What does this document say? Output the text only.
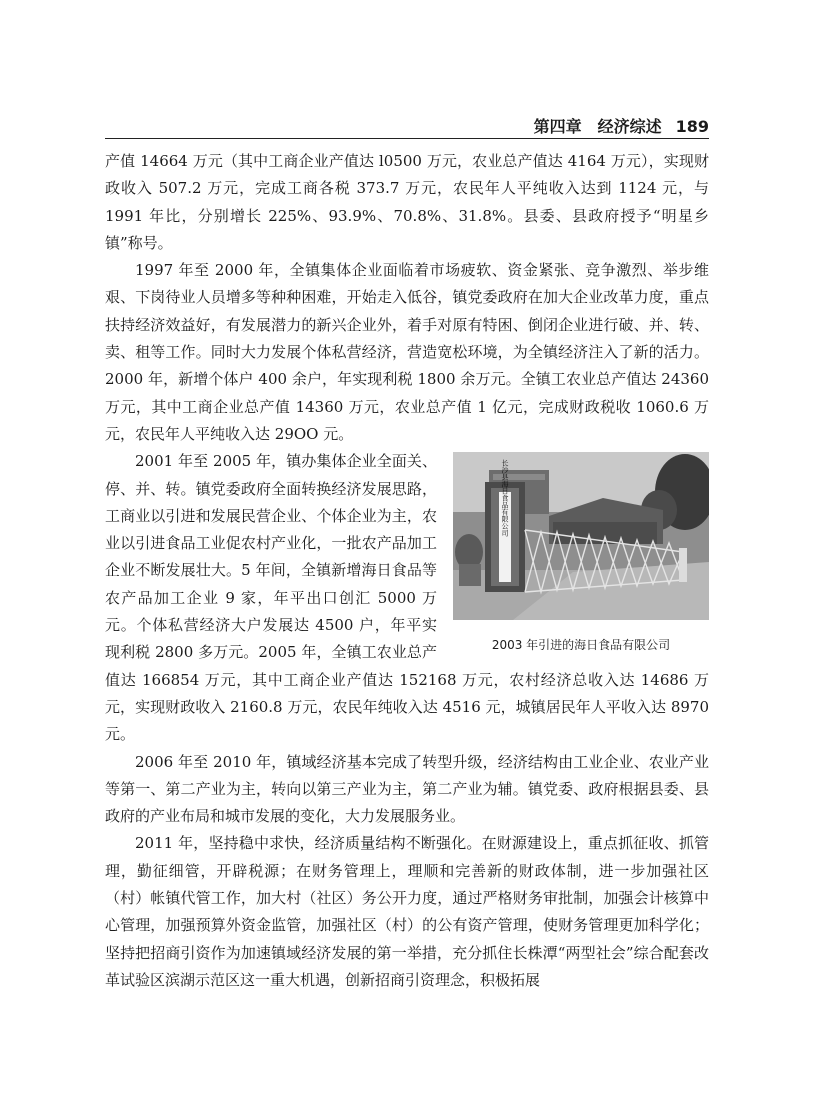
第四章　经济综述 189

产值 14664 万元（其中工商企业产值达 l0500 万元，农业总产值达 4164 万元），实现财政收入 507.2 万元，完成工商各税 373.7 万元，农民年人平纯收入达到 1124 元，与 1991 年比，分别增长 225%、93.9%、70.8%、31.8%。县委、县政府授予“明星乡镇”称号。

1997 年至 2000 年，全镇集体企业面临着市场疲软、资金紧张、竞争激烈、举步维艰、下岗待业人员增多等种种困难，开始走入低谷，镇党委政府在加大企业改革力度，重点扶持经济效益好，有发展潜力的新兴企业外，着手对原有特困、倒闭企业进行破、并、转、卖、租等工作。同时大力发展个体私营经济，营造宽松环境，为全镇经济注入了新的活力。2000 年，新增个体户 400 余户，年实现利税 1800 余万元。全镇工农业总产值达 24360 万元，其中工商企业总产值 14360 万元，农业总产值 1 亿元，完成财政税收 1060.6 万元，农民年人平纯收入达 29OO 元。

长沙县海日食品有限公司
2003 年引进的海日食品有限公司

2001 年至 2005 年，镇办集体企业全面关、停、并、转。镇党委政府全面转换经济发展思路，工商业以引进和发展民营企业、个体企业为主，农业以引进食品工业促农村产业化，一批农产品加工企业不断发展壮大。5 年间，全镇新增海日食品等农产品加工企业 9 家，年平出口创汇 5000 万元。个体私营经济大户发展达 4500 户，年平实现利税 2800 多万元。2005 年，全镇工农业总产值达 166854 万元，其中工商企业产值达 152168 万元，农村经济总收入达 14686 万元，实现财政收入 2160.8 万元，农民年纯收入达 4516 元，城镇居民年人平收入达 8970 元。

2006 年至 2010 年，镇域经济基本完成了转型升级，经济结构由工业企业、农业产业等第一、第二产业为主，转向以第三产业为主，第二产业为辅。镇党委、政府根据县委、县政府的产业布局和城市发展的变化，大力发展服务业。

2011 年，坚持稳中求快，经济质量结构不断强化。在财源建设上，重点抓征收、抓管理，勤征细管，开辟税源；在财务管理上，理顺和完善新的财政体制，进一步加强社区（村）帐镇代管工作，加大村（社区）务公开力度，通过严格财务审批制，加强会计核算中心管理，加强预算外资金监管，加强社区（村）的公有资产管理，使财务管理更加科学化；坚持把招商引资作为加速镇域经济发展的第一举措，充分抓住长株潭“两型社会”综合配套改革试验区滨湖示范区这一重大机遇，创新招商引资理念，积极拓展
